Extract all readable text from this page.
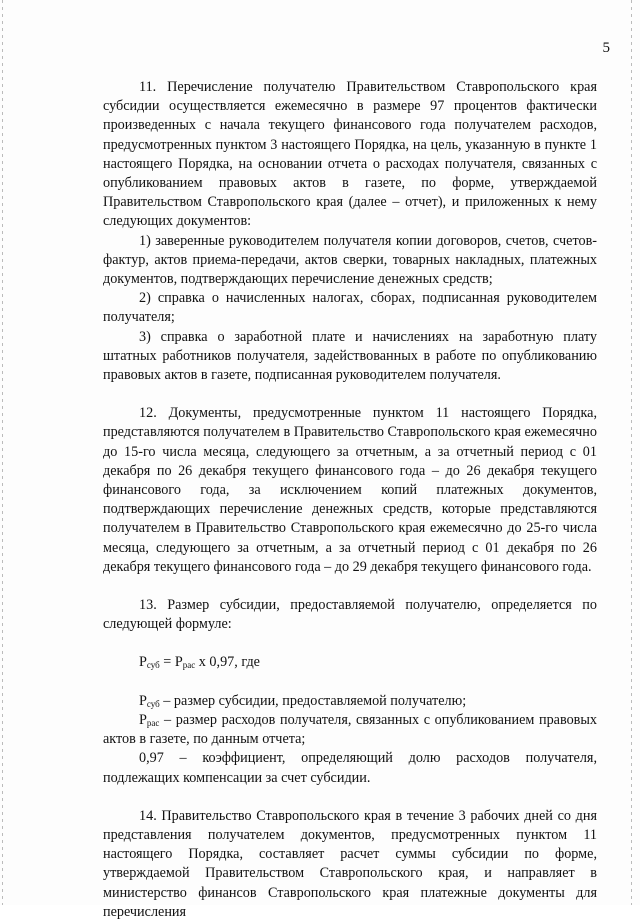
5

11. Перечисление получателю Правительством Ставропольского края субсидии осуществляется ежемесячно в размере 97 процентов фактически произведенных с начала текущего финансового года получателем расходов, предусмотренных пунктом 3 настоящего Порядка, на цель, указанную в пункте 1 настоящего Порядка, на основании отчета о расходах получателя, связанных с опубликованием правовых актов в газете, по форме, утверждаемой Правительством Ставропольского края (далее – отчет), и приложенных к нему следующих документов:

1) заверенные руководителем получателя копии договоров, счетов, счетов-фактур, актов приема-передачи, актов сверки, товарных накладных, платежных документов, подтверждающих перечисление денежных средств;

2) справка о начисленных налогах, сборах, подписанная руководителем получателя;

3) справка о заработной плате и начислениях на заработную плату штатных работников получателя, задействованных в работе по опубликованию правовых актов в газете, подписанная руководителем получателя.

12. Документы, предусмотренные пунктом 11 настоящего Порядка, представляются получателем в Правительство Ставропольского края ежемесячно до 15-го числа месяца, следующего за отчетным, а за отчетный период с 01 декабря по 26 декабря текущего финансового года – до 26 декабря текущего финансового года, за исключением копий платежных документов, подтверждающих перечисление денежных средств, которые представляются получателем в Правительство Ставропольского края ежемесячно до 25-го числа месяца, следующего за отчетным, а за отчетный период с 01 декабря по 26 декабря текущего финансового года – до 29 декабря текущего финансового года.

13. Размер субсидии, предоставляемой получателю, определяется по следующей формуле:

$P_{суб} = P_{рас}$ х 0,97, где

$P_{суб}$ – размер субсидии, предоставляемой получателю;

$P_{рас}$ – размер расходов получателя, связанных с опубликованием правовых актов в газете, по данным отчета;

0,97 – коэффициент, определяющий долю расходов получателя, подлежащих компенсации за счет субсидии.

14. Правительство Ставропольского края в течение 3 рабочих дней со дня представления получателем документов, предусмотренных пунктом 11 настоящего Порядка, составляет расчет суммы субсидии по форме, утверждаемой Правительством Ставропольского края, и направляет в министерство финансов Ставропольского края платежные документы для перечисления
